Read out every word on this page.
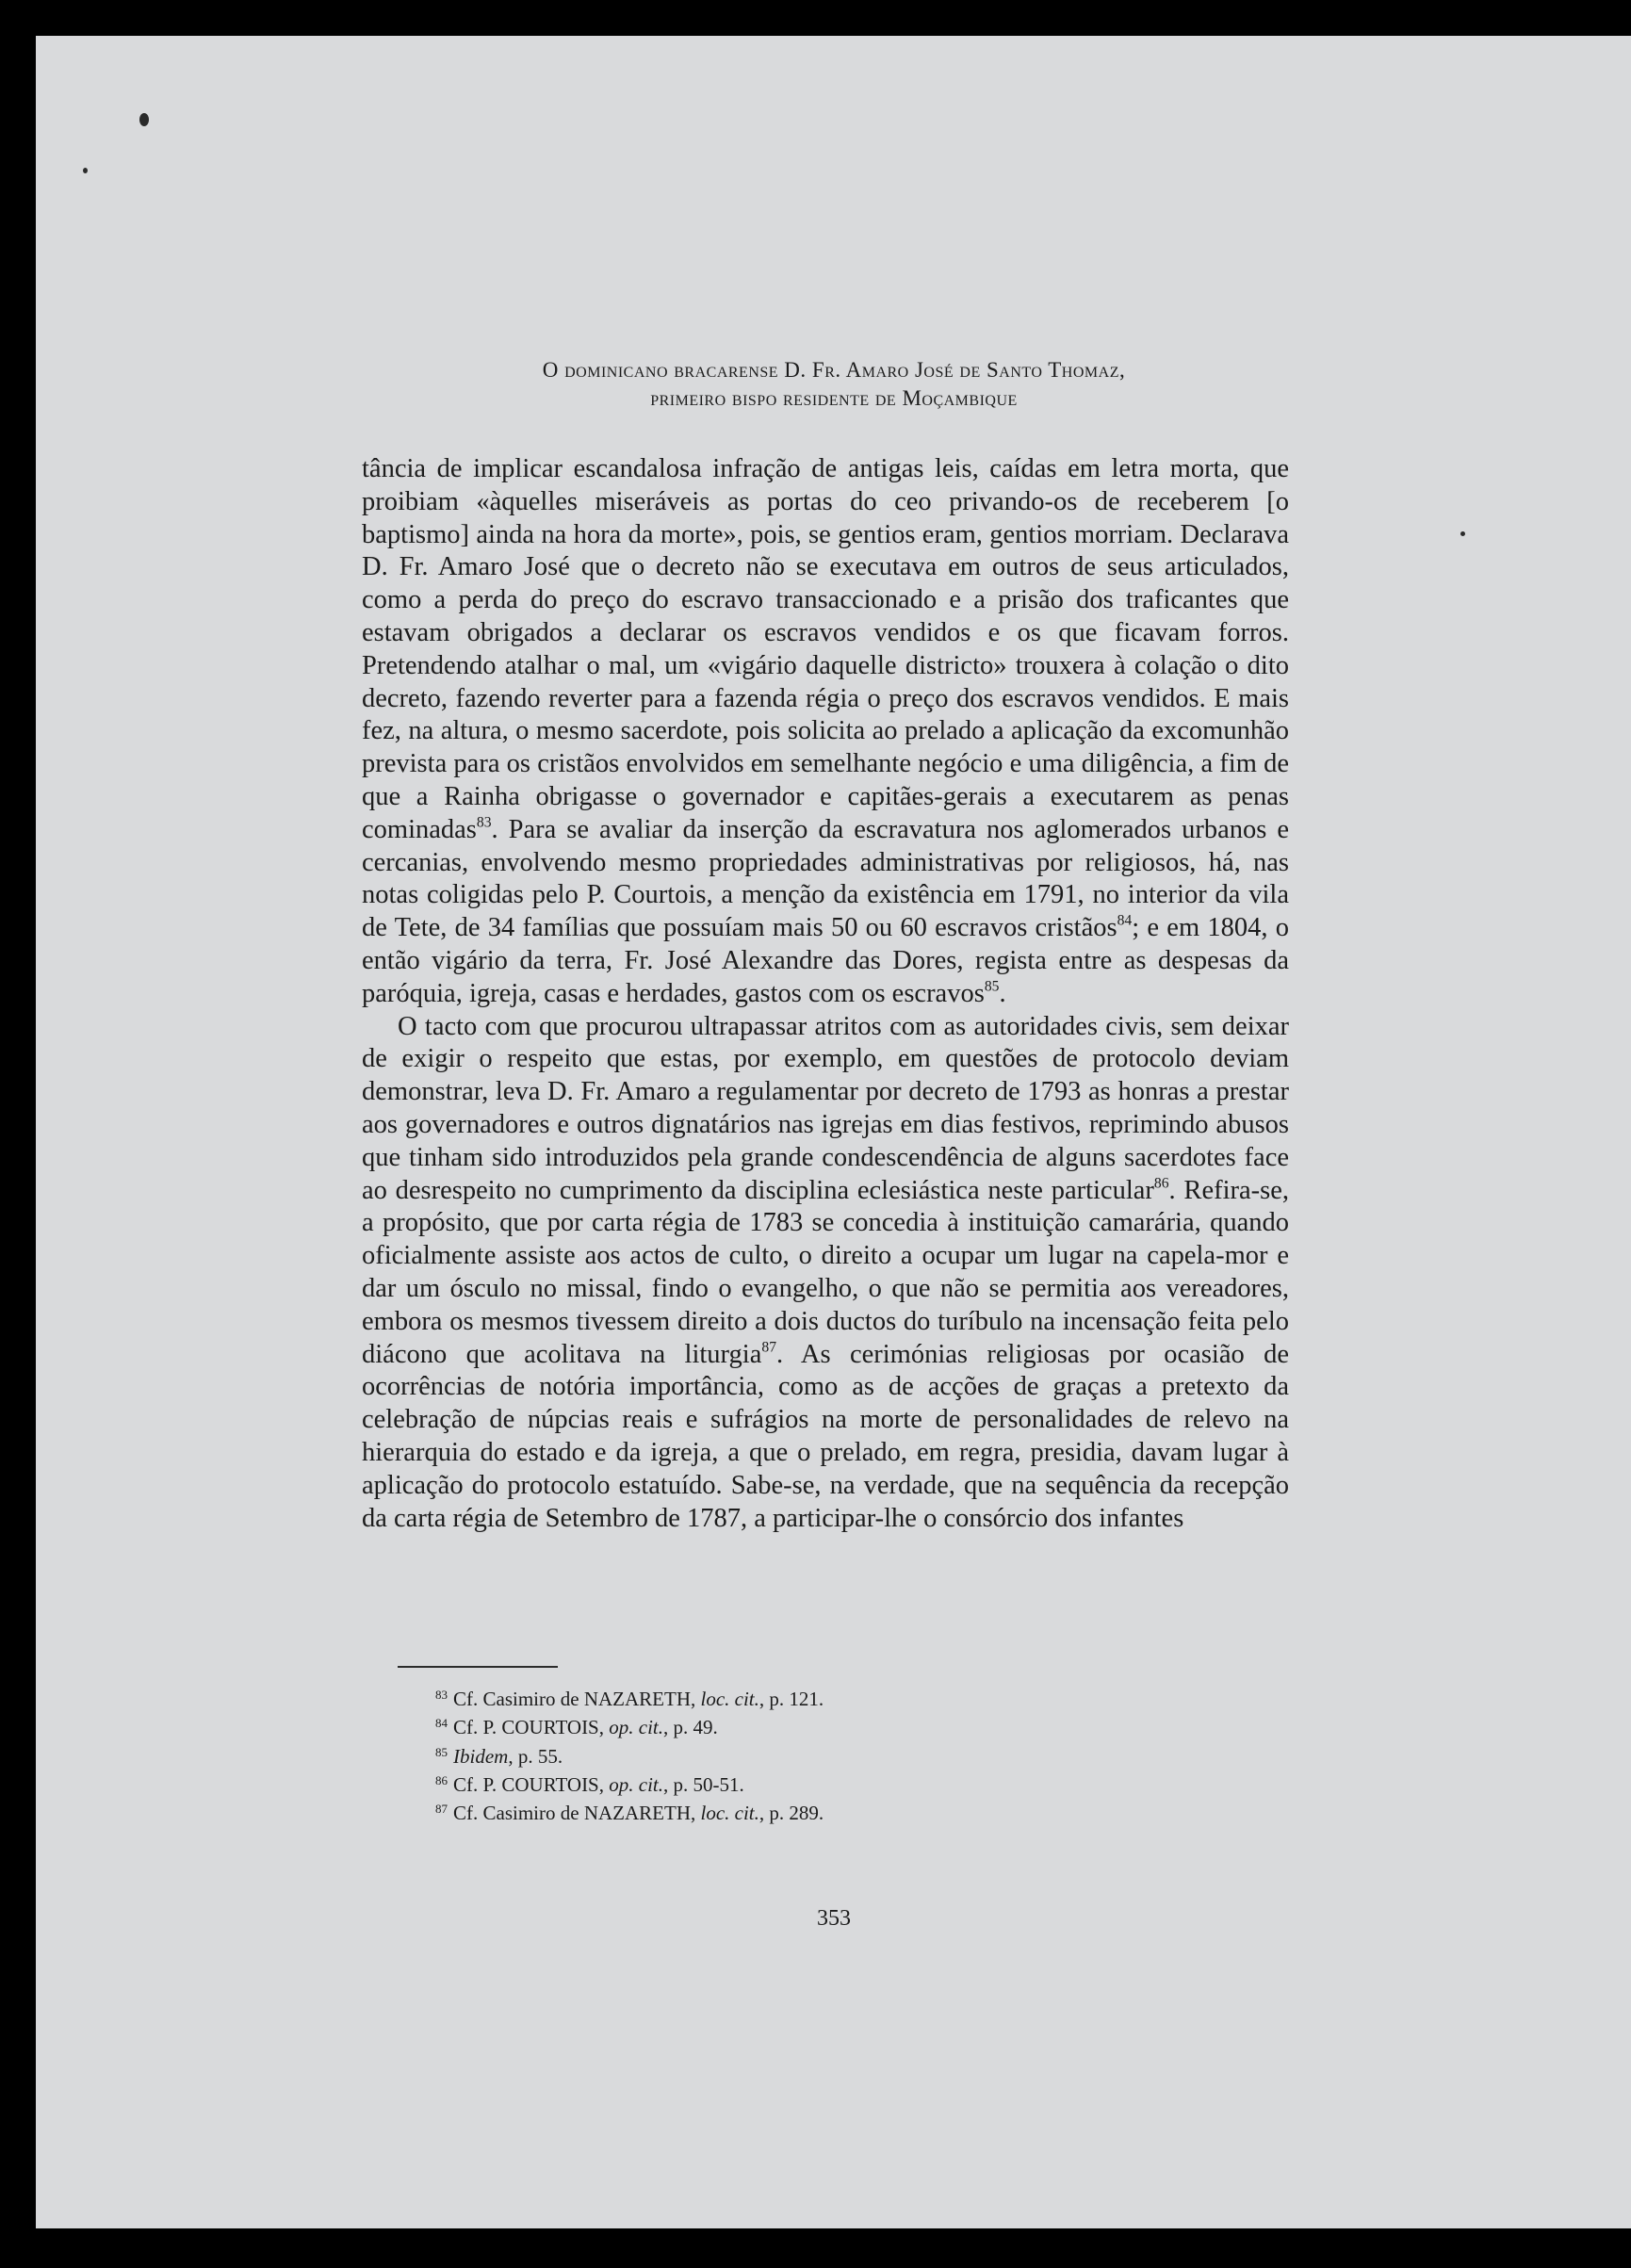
O dominicano bracarense D. Fr. Amaro José de Santo Thomaz,
primeiro bispo residente de Moçambique

tância de implicar escandalosa infração de antigas leis, caídas em letra morta, que proibiam «àquelles miseráveis as portas do ceo privando-os de receberem [o baptismo] ainda na hora da morte», pois, se gentios eram, gentios morriam. Declarava D. Fr. Amaro José que o decreto não se executava em outros de seus articulados, como a perda do preço do escravo transaccionado e a prisão dos traficantes que estavam obrigados a declarar os escravos vendidos e os que ficavam forros. Pretendendo atalhar o mal, um «vigário daquelle districto» trouxera à colação o dito decreto, fazendo reverter para a fazenda régia o preço dos escravos vendidos. E mais fez, na altura, o mesmo sacerdote, pois solicita ao prelado a aplicação da excomunhão prevista para os cristãos envolvidos em semelhante negócio e uma diligência, a fim de que a Rainha obrigasse o governador e capitães-gerais a executarem as penas cominadas$^{83}$. Para se avaliar da inserção da escravatura nos aglomerados urbanos e cercanias, envolvendo mesmo propriedades administrativas por religiosos, há, nas notas coligidas pelo P. Courtois, a menção da existência em 1791, no interior da vila de Tete, de 34 famílias que possuíam mais 50 ou 60 escravos cristãos$^{84}$; e em 1804, o então vigário da terra, Fr. José Alexandre das Dores, regista entre as despesas da paróquia, igreja, casas e herdades, gastos com os escravos$^{85}$.

O tacto com que procurou ultrapassar atritos com as autoridades civis, sem deixar de exigir o respeito que estas, por exemplo, em questões de protocolo deviam demonstrar, leva D. Fr. Amaro a regulamentar por decreto de 1793 as honras a prestar aos governadores e outros dignatários nas igrejas em dias festivos, reprimindo abusos que tinham sido introduzidos pela grande condescendência de alguns sacerdotes face ao desrespeito no cumprimento da disciplina eclesiástica neste particular$^{86}$. Refira-se, a propósito, que por carta régia de 1783 se concedia à instituição camarária, quando oficialmente assiste aos actos de culto, o direito a ocupar um lugar na capela-mor e dar um ósculo no missal, findo o evangelho, o que não se permitia aos vereadores, embora os mesmos tivessem direito a dois ductos do turíbulo na incensação feita pelo diácono que acolitava na liturgia$^{87}$. As cerimónias religiosas por ocasião de ocorrências de notória importância, como as de acções de graças a pretexto da celebração de núpcias reais e sufrágios na morte de personalidades de relevo na hierarquia do estado e da igreja, a que o prelado, em regra, presidia, davam lugar à aplicação do protocolo estatuído. Sabe-se, na verdade, que na sequência da recepção da carta régia de Setembro de 1787, a participar-lhe o consórcio dos infantes

$^{83}$ Cf. Casimiro de NAZARETH, loc. cit., p. 121.
$^{84}$ Cf. P. COURTOIS, op. cit., p. 49.
$^{85}$ Ibidem, p. 55.
$^{86}$ Cf. P. COURTOIS, op. cit., p. 50-51.
$^{87}$ Cf. Casimiro de NAZARETH, loc. cit., p. 289.
353
